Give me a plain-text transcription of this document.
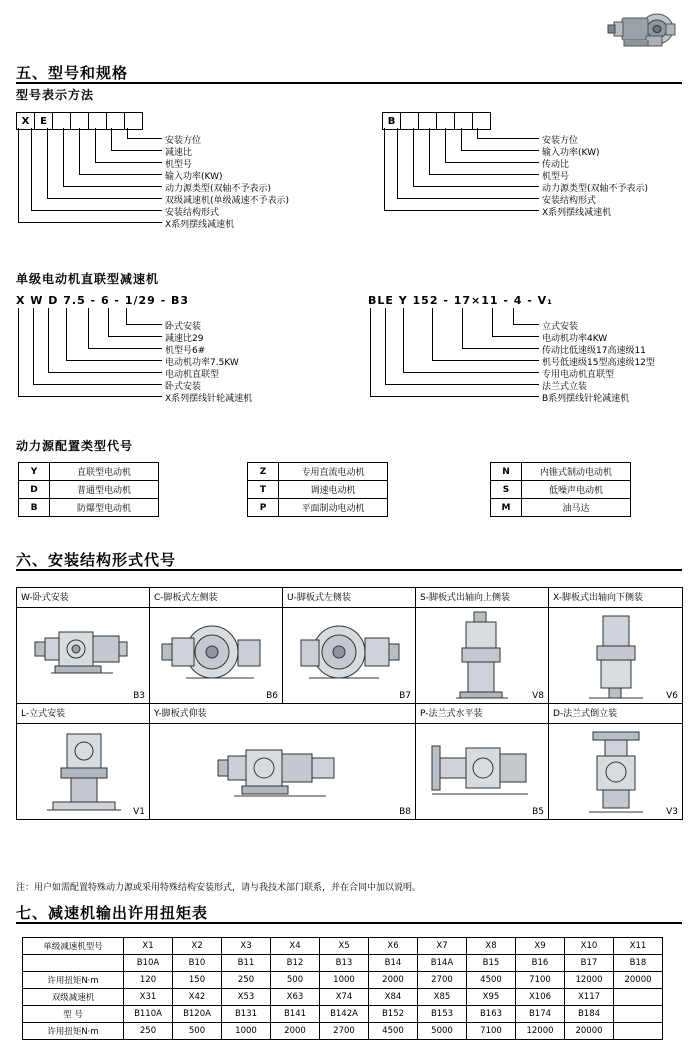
五、型号和规格
型号表示方法
X	E
安装方位
减速比
机型号
输入功率(KW)
动力源类型(双轴不予表示)
双级减速机(单级减速不予表示)
安装结构形式
X系列摆线减速机
B
安装方位
输入功率(KW)
传动比
机型号
动力源类型(双轴不予表示)
安装结构形式
X系列摆线减速机
单级电动机直联型减速机
X W D 7.5 - 6 - 1/29 - B3
卧式安装
减速比29
机型号6#
电动机功率7.5KW
电动机直联型
卧式安装
X系列摆线针轮减速机
BLE Y 152 - 17×11 - 4 - V₁
立式安装
电动机功率4KW
传动比低速级17高速级11
机号低速级15型高速级12型
专用电动机直联型
法兰式立装
B系列摆线针轮减速机
动力源配置类型代号
Y	直联型电动机
D	普通型电动机
B	防爆型电动机
Z	专用直流电动机
T	调速电动机
P	平面制动电动机
N	内锥式制动电动机
S	低噪声电动机
M	油马达
六、安装结构形式代号
W-卧式安装	C-脚板式左侧装	U-脚板式左侧装	S-脚板式出轴向上侧装	X-脚板式出轴向下侧装

B3	B6	B7	V8	V6

L-立式安装	Y-脚板式仰装		P-法兰式水平装	D-法兰式倒立装

V1	B8		B5	V3
注：用户如需配置特殊动力源或采用特殊结构安装形式，请与我技术部门联系，并在合同中加以说明。
七、减速机输出许用扭矩表
单级减速机型号	X1	X2	X3	X4	X5	X6	X7	X8	X9	X10	X11
	B10A	B10	B11	B12	B13	B14	B14A	B15	B16	B17	B18
许用扭矩N·m	120	150	250	500	1000	2000	2700	4500	7100	12000	20000
双级减速机	X31	X42	X53	X63	X74	X84	X85	X95	X106	X117	
型 号	B110A	B120A	B131	B141	B142A	B152	B153	B163	B174	B184	
许用扭矩N·m	250	500	1000	2000	2700	4500	5000	7100	12000	20000	
